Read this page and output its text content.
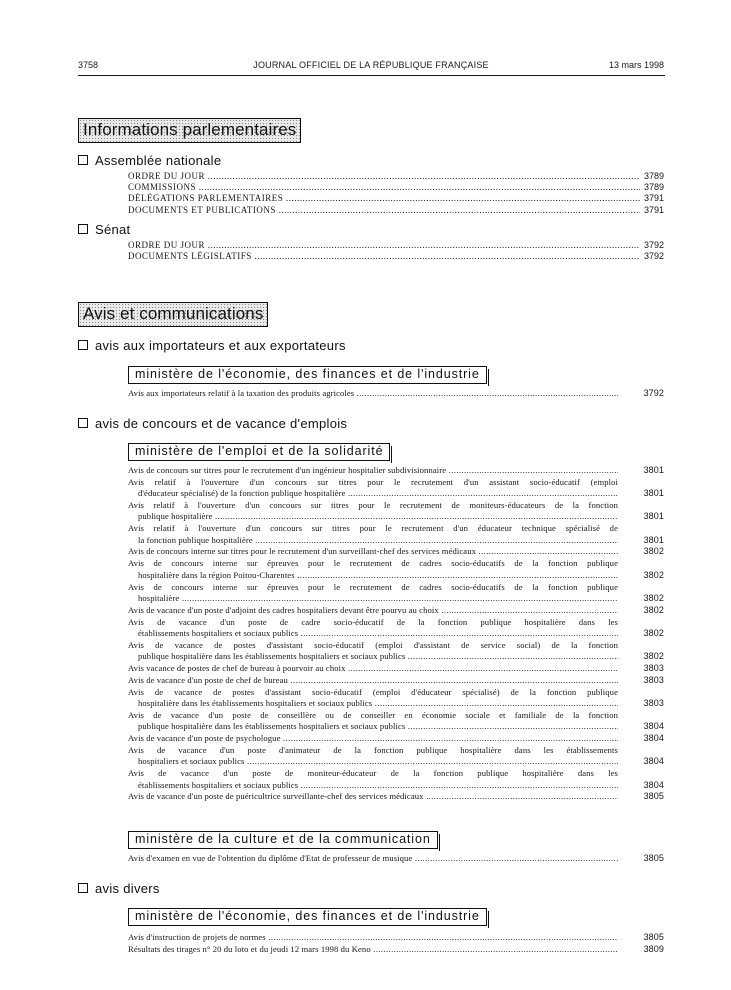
3758	JOURNAL OFFICIEL DE LA RÉPUBLIQUE FRANÇAISE	13 mars 1998
Informations parlementaires
Assemblée nationale
ORDRE DU JOUR .....	3789
COMMISSIONS .....	3789
DÉLÉGATIONS PARLEMENTAIRES .....	3791
DOCUMENTS ET PUBLICATIONS .....	3791
Sénat
ORDRE DU JOUR .....	3792
DOCUMENTS LÉGISLATIFS .....	3792
Avis et communications
avis aux importateurs et aux exportateurs
ministère de l'économie, des finances et de l'industrie
Avis aux importateurs relatif à la taxation des produits agricoles .....	3792
avis de concours et de vacance d'emplois
ministère de l'emploi et de la solidarité
Avis de concours sur titres pour le recrutement d'un ingénieur hospitalier subdivisionnaire .....	3801
Avis relatif à l'ouverture d'un concours sur titres pour le recrutement d'un assistant socio-éducatif (emploi
d'éducateur spécialisé) de la fonction publique hospitalière .....	3801
Avis relatif à l'ouverture d'un concours sur titres pour le recrutement de moniteurs-éducateurs de la fonction
publique hospitalière .....	3801
Avis relatif à l'ouverture d'un concours sur titres pour le recrutement d'un éducateur technique spécialisé de
la fonction publique hospitalière .....	3801
Avis de concours interne sur titres pour le recrutement d'un surveillant-chef des services médicaux .....	3802
Avis de concours interne sur épreuves pour le recrutement de cadres socio-éducatifs de la fonction publique
hospitalière dans la région Poitou-Charentes .....	3802
Avis de concours interne sur épreuves pour le recrutement de cadres socio-éducatifs de la fonction publique
hospitalière .....	3802
Avis de vacance d'un poste d'adjoint des cadres hospitaliers devant être pourvu au choix .....	3802
Avis de vacance d'un poste de cadre socio-éducatif de la fonction publique hospitalière dans les
établissements hospitaliers et sociaux publics .....	3802
Avis de vacance de postes d'assistant socio-éducatif (emploi d'assistant de service social) de la fonction
publique hospitalière dans les établissements hospitaliers et sociaux publics .....	3802
Avis vacance de postes de chef de bureau à pourvoir au choix .....	3803
Avis de vacance d'un poste de chef de bureau .....	3803
Avis de vacance de postes d'assistant socio-éducatif (emploi d'éducateur spécialisé) de la fonction publique
hospitalière dans les établissements hospitaliers et sociaux publics .....	3803
Avis de vacance d'un poste de conseillère ou de conseiller en économie sociale et familiale de la fonction
publique hospitalière dans les établissements hospitaliers et sociaux publics .....	3804
Avis de vacance d'un poste de psychologue .....	3804
Avis de vacance d'un poste d'animateur de la fonction publique hospitalière dans les établissements
hospitaliers et sociaux publics .....	3804
Avis de vacance d'un poste de moniteur-éducateur de la fonction publique hospitalière dans les
établissements hospitaliers et sociaux publics .....	3804
Avis de vacance d'un poste de puéricultrice surveillante-chef des services médicaux .....	3805
ministère de la culture et de la communication
Avis d'examen en vue de l'obtention du diplôme d'Etat de professeur de musique .....	3805
avis divers
ministère de l'économie, des finances et de l'industrie
Avis d'instruction de projets de normes .....	3805
Résultats des tirages n° 20 du loto et du jeudi 12 mars 1998 du Keno .....	3809
